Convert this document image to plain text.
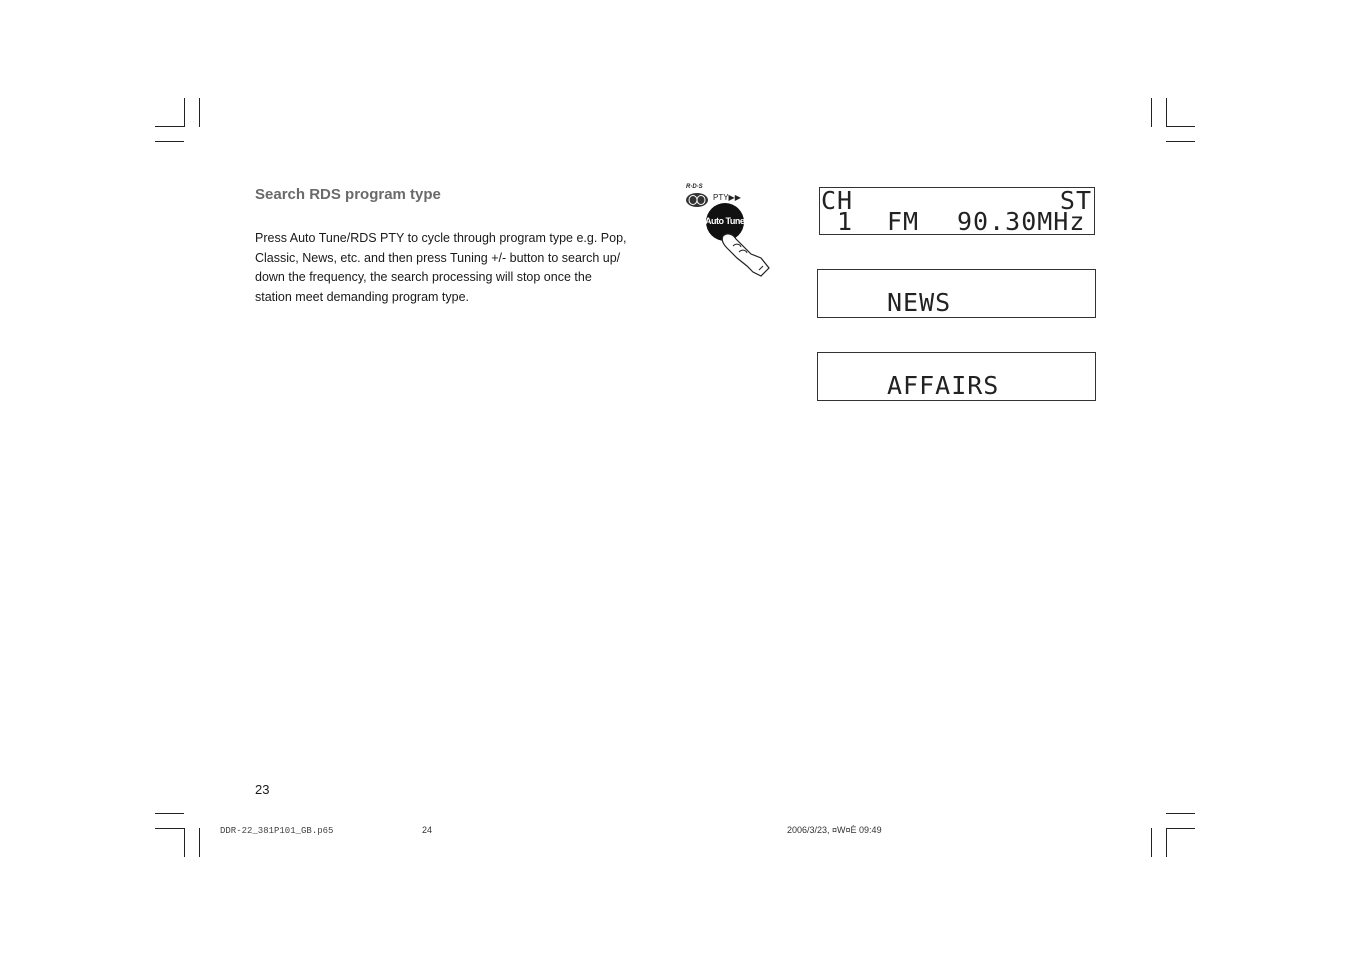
Search RDS program type
Press Auto Tune/RDS PTY to cycle through program type e.g. Pop,
Classic, News, etc. and then press Tuning +/- button to search up/
down the frequency, the search processing will stop once the
station meet demanding program type.
R·D·S
PTY▶▶
Auto Tune
CH	ST
1 FM 90.30MHz
NEWS
AFFAIRS
23
DDR-22_381P101_GB.p65	24	2006/3/23, ¤W¤È 09:49
